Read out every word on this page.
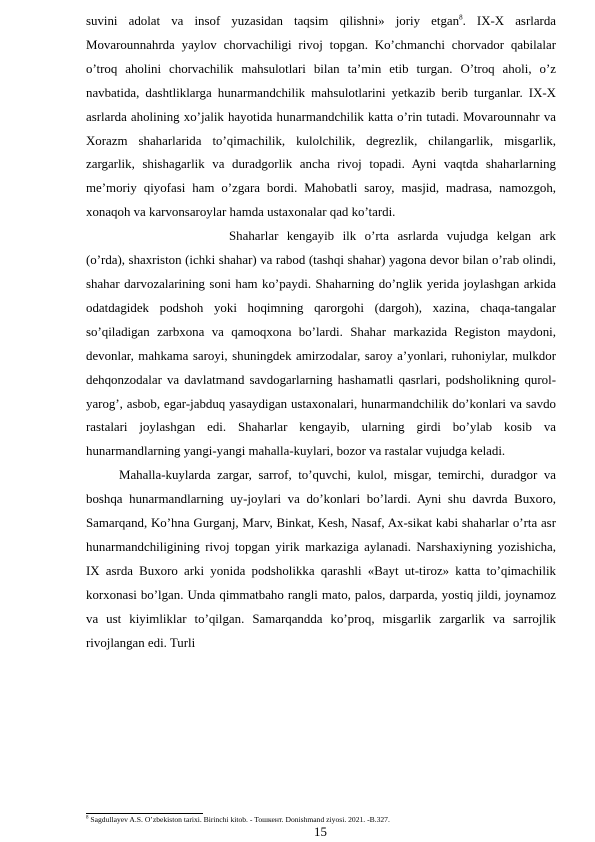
suvini adolat va insof yuzasidan taqsim qilishni» joriy etgan$^8$. IX-X asrlarda Movarounnahrda yaylov chorvachiligi rivoj topgan. Ko’chmanchi chorvador qabilalar o’troq aholini chorvachilik mahsulotlari bilan ta’min etib turgan. O’troq aholi, o’z navbatida, dashtliklarga hunarmandchilik mahsulotlarini yetkazib berib turganlar. IX-X asrlarda aholining xo’jalik hayotida hunarmandchilik katta o’rin tutadi. Movarounnahr va Xorazm shaharlarida to’qimachilik, kulolchilik, degrezlik, chilangarlik, misgarlik, zargarlik, shishagarlik va duradgorlik ancha rivoj topadi. Ayni vaqtda shaharlarning me’moriy qiyofasi ham o’zgara bordi. Mahobatli saroy, masjid, madrasa, namozgoh, xonaqoh va karvonsaroylar hamda ustaxonalar qad ko’tardi.

Shaharlar kengayib ilk o’rta asrlarda vujudga kelgan ark (o’rda), shaxriston (ichki shahar) va rabod (tashqi shahar) yagona devor bilan o’rab olindi, shahar darvozalarining soni ham ko’paydi. Shaharning do’nglik yerida joylashgan arkida odatdagidek podshoh yoki hoqimning qarorgohi (dargoh), xazina, chaqa-tangalar so’qiladigan zarbxona va qamoqxona bo’lardi. Shahar markazida Registon maydoni, devonlar, mahkama saroyi, shuningdek amirzodalar, saroy a’yonlari, ruhoniylar, mulkdor dehqonzodalar va davlatmand savdogarlarning hashamatli qasrlari, podsholikning qurol-yarog’, asbob, egar-jabduq yasaydigan ustaxonalari, hunarmandchilik do’konlari va savdo rastalari joylashgan edi. Shaharlar kengayib, ularning girdi bo’ylab kosib va hunarmandlarning yangi-yangi mahalla-kuylari, bozor va rastalar vujudga keladi.

Mahalla-kuylarda zargar, sarrof, to’quvchi, kulol, misgar, temirchi, duradgor va boshqa hunarmandlarning uy-joylari va do’konlari bo’lardi. Ayni shu davrda Buxoro, Samarqand, Ko’hna Gurganj, Marv, Binkat, Kesh, Nasaf, Ax-sikat kabi shaharlar o’rta asr hunarmandchiligining rivoj topgan yirik markaziga aylanadi. Narshaxiyning yozishicha, IX asrda Buxoro arki yonida podsholikka qarashli «Bayt ut-tiroz» katta to’qimachilik korxonasi bo’lgan. Unda qimmatbaho rangli mato, palos, darparda, yostiq jildi, joynamoz va ust kiyimliklar to’qilgan. Samarqandda ko’proq, misgarlik zargarlik va sarrojlik rivojlangan edi. Turli

$^8$ Sagdullayev A.S. O’zbekiston tarixi. Birinchi kitob. - Тошкент. Donishmand ziyosi. 2021. -B.327.
15
